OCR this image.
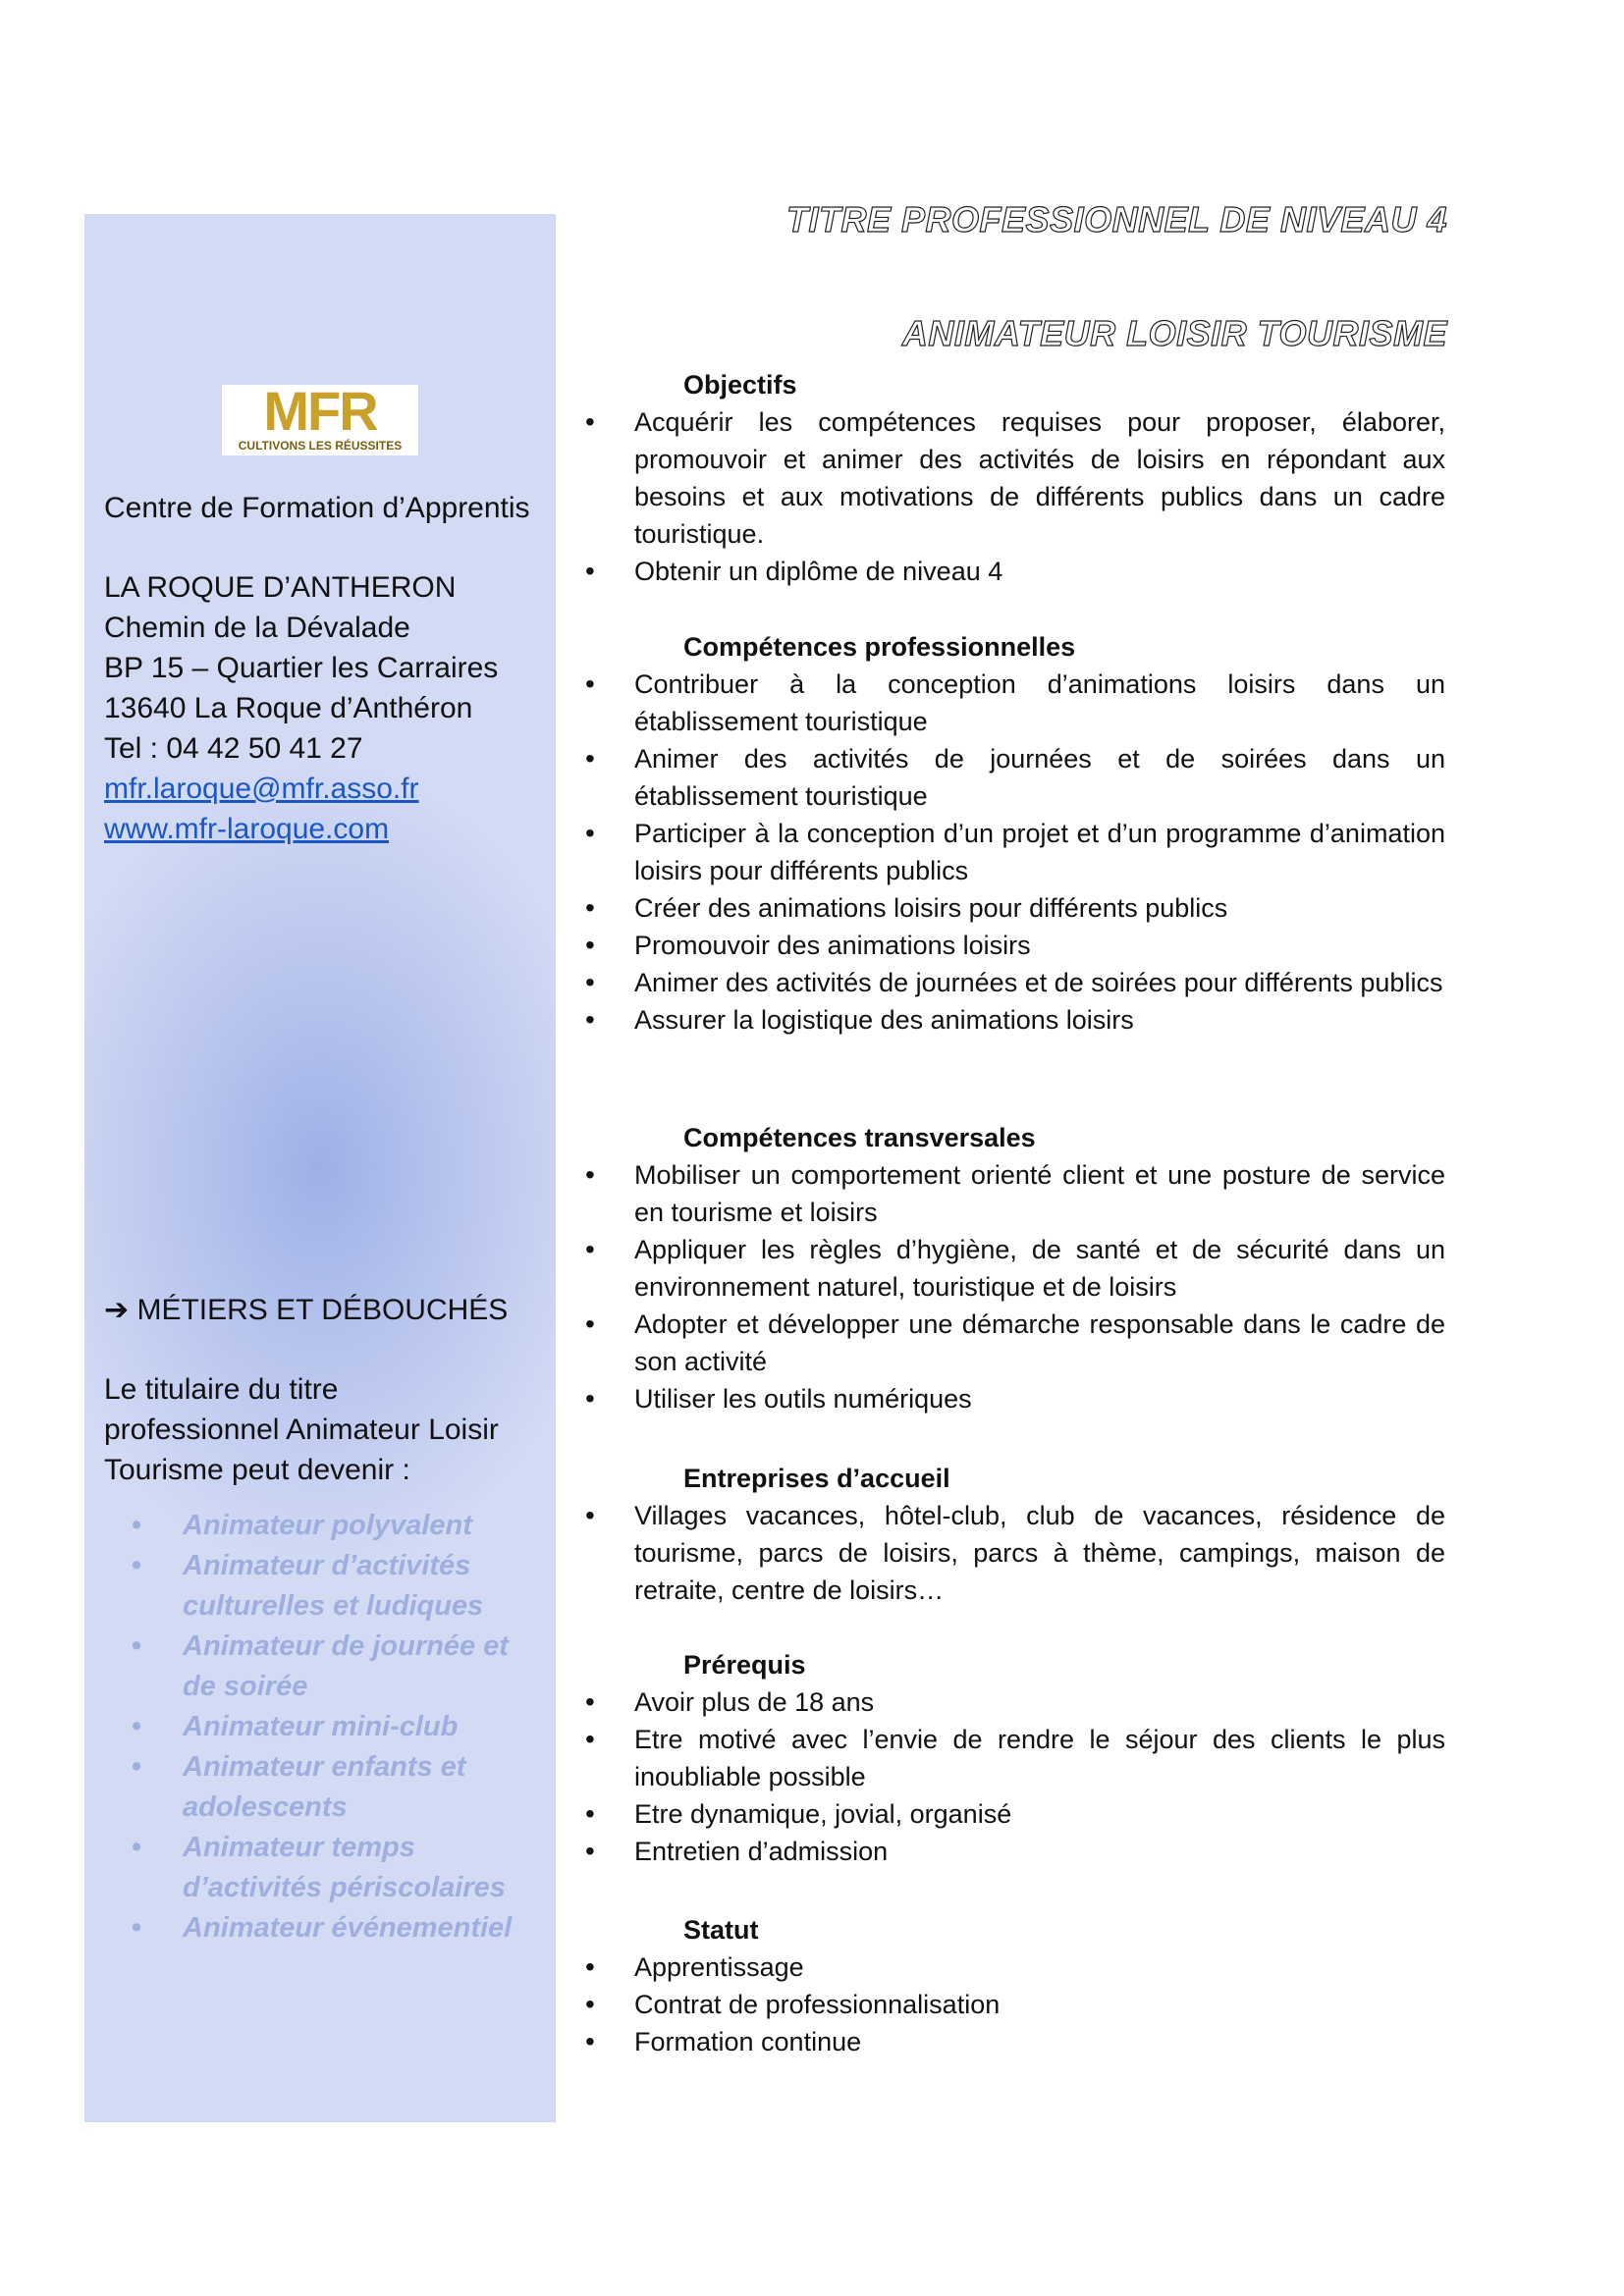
MFR
CULTIVONS LES RÉUSSITES
Centre de Formation d’Apprentis
LA ROQUE D’ANTHERON
Chemin de la Dévalade
BP 15 – Quartier les Carraires
13640 La Roque d’Anthéron
Tel : 04 42 50 41 27
mfr.laroque@mfr.asso.fr
www.mfr-laroque.com
➔ MÉTIERS ET DÉBOUCHÉS
Le titulaire du titre
professionnel Animateur Loisir
Tourisme peut devenir :
• Animateur polyvalent
• Animateur d’activités culturelles et ludiques
• Animateur de journée et de soirée
• Animateur mini-club
• Animateur enfants et adolescents
• Animateur temps d’activités périscolaires
• Animateur événementiel
TITRE PROFESSIONNEL DE NIVEAU 4
ANIMATEUR LOISIR TOURISME
Objectifs
• Acquérir les compétences requises pour proposer, élaborer, promouvoir et animer des activités de loisirs en répondant aux besoins et aux motivations de différents publics dans un cadre touristique.
• Obtenir un diplôme de niveau 4
Compétences professionnelles
• Contribuer à la conception d’animations loisirs dans un établissement touristique
• Animer des activités de journées et de soirées dans un établissement touristique
• Participer à la conception d’un projet et d’un programme d’animation loisirs pour différents publics
• Créer des animations loisirs pour différents publics
• Promouvoir des animations loisirs
• Animer des activités de journées et de soirées pour différents publics
• Assurer la logistique des animations loisirs
Compétences transversales
• Mobiliser un comportement orienté client et une posture de service en tourisme et loisirs
• Appliquer les règles d’hygiène, de santé et de sécurité dans un environnement naturel, touristique et de loisirs
• Adopter et développer une démarche responsable dans le cadre de son activité
• Utiliser les outils numériques
Entreprises d’accueil
• Villages vacances, hôtel-club, club de vacances, résidence de tourisme, parcs de loisirs, parcs à thème, campings, maison de retraite, centre de loisirs…
Prérequis
• Avoir plus de 18 ans
• Etre motivé avec l’envie de rendre le séjour des clients le plus inoubliable possible
• Etre dynamique, jovial, organisé
• Entretien d’admission
Statut
• Apprentissage
• Contrat de professionnalisation
• Formation continue
